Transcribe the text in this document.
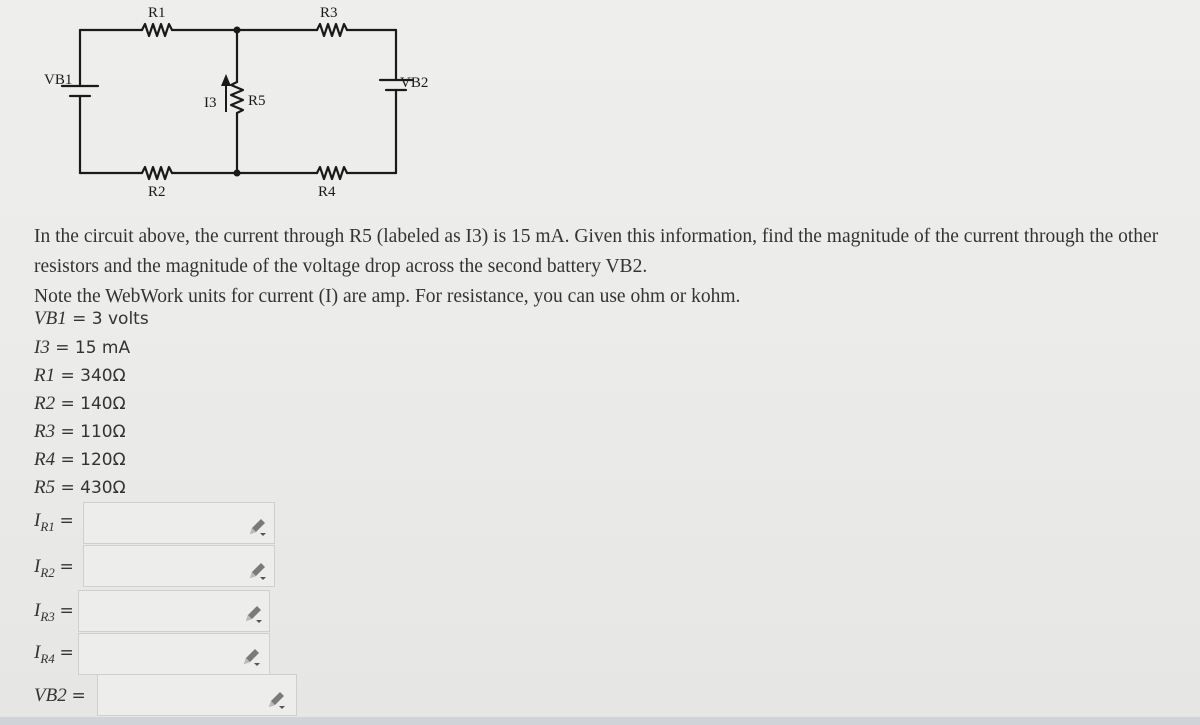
R1	R3
R2	R4
R5
I3
VB1	VB2

In the circuit above, the current through R5 (labeled as I3) is 15 mA. Given this information, find the magnitude of the current through the other resistors and the magnitude of the voltage drop across the second battery VB2.

Note the WebWork units for current (I) are amp. For resistance, you can use ohm or kohm.

VB1 = 3 volts
I3 = 15 mA
R1 = 340Ω
R2 = 140Ω
R3 = 110Ω
R4 = 120Ω
R5 = 430Ω
$I_{R1}$ =
$I_{R2}$ =
$I_{R3}$ =
$I_{R4}$ =
VB2 =
